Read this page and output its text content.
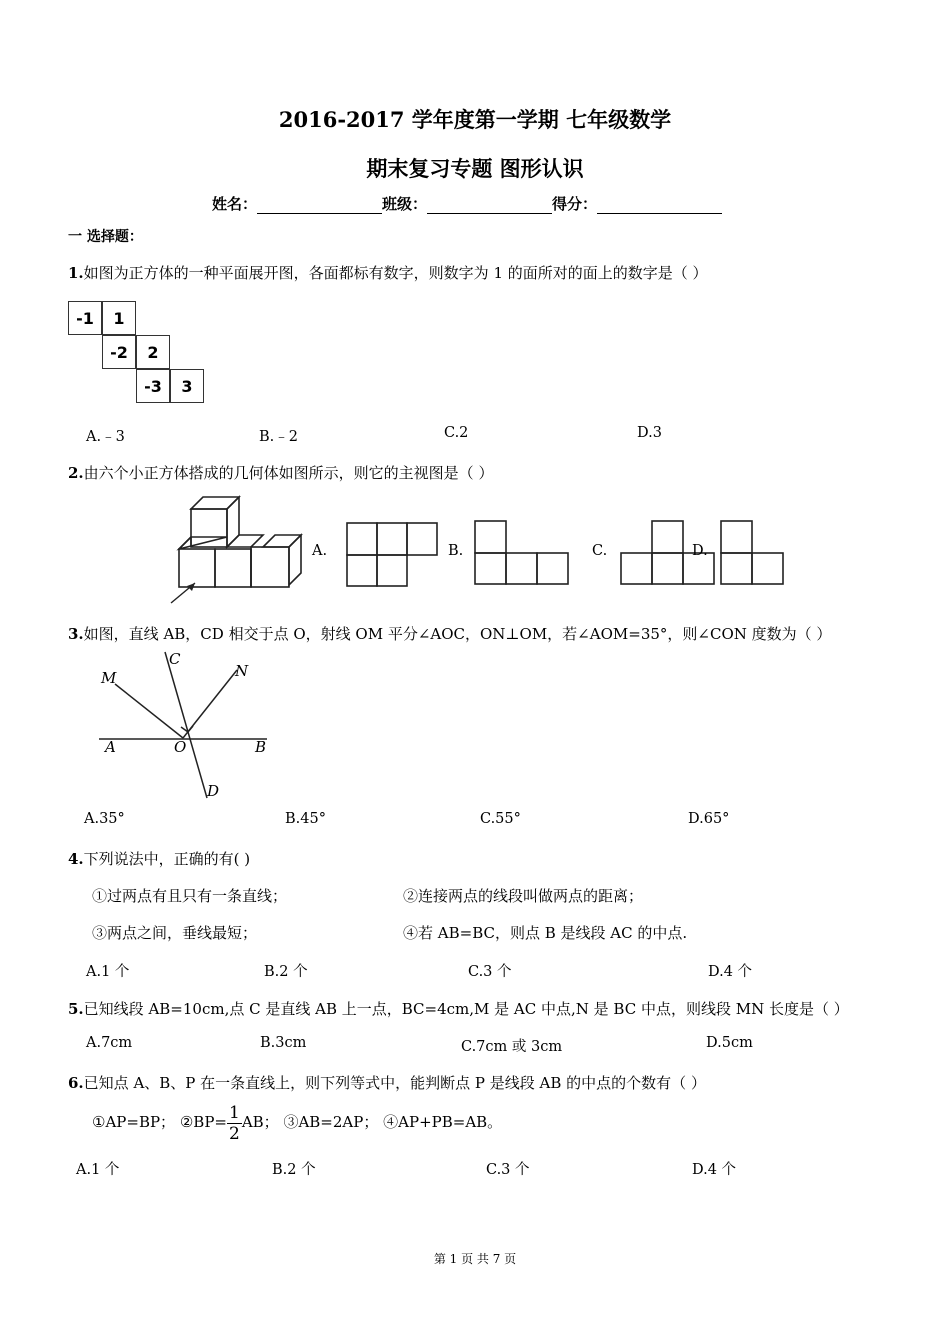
2016-2017 学年度第一学期 七年级数学
期末复习专题 图形认识
姓名：	班级：	得分：
一 选择题：
1.如图为正方体的一种平面展开图，各面都标有数字，则数字为 1 的面所对的面上的数字是（ ）
-1	1
-2	2
-3	3
A.﹣3	B.﹣2	C.2	D.3
2.由六个小正方体搭成的几何体如图所示，则它的主视图是（ ）
A.	B.	C.	D.
3.如图，直线 AB，CD 相交于点 O，射线 OM 平分∠AOC，ON⊥OM，若∠AOM=35°，则∠CON 度数为（ ）
M
C
N
A	O	B
D
A.35°	B.45°	C.55°	D.65°
4.下列说法中，正确的有( )
①过两点有且只有一条直线；	②连接两点的线段叫做两点的距离；
③两点之间，垂线最短；	④若 AB=BC，则点 B 是线段 AC 的中点.
A.1 个	B.2 个	C.3 个	D.4 个
5.已知线段 AB=10cm,点 C 是直线 AB 上一点，BC=4cm,M 是 AC 中点,N 是 BC 中点，则线段 MN 长度是（ ）
A.7cm	B.3cm	C.7cm 或 3cm	D.5cm
6.已知点 A、B、P 在一条直线上，则下列等式中，能判断点 P 是线段 AB 的中点的个数有（ ）
①AP=BP； ②BP= $\frac{1}{2}$ AB； ③AB=2AP； ④AP+PB=AB。
A.1 个	B.2 个	C.3 个	D.4 个
第 1 页 共 7 页
